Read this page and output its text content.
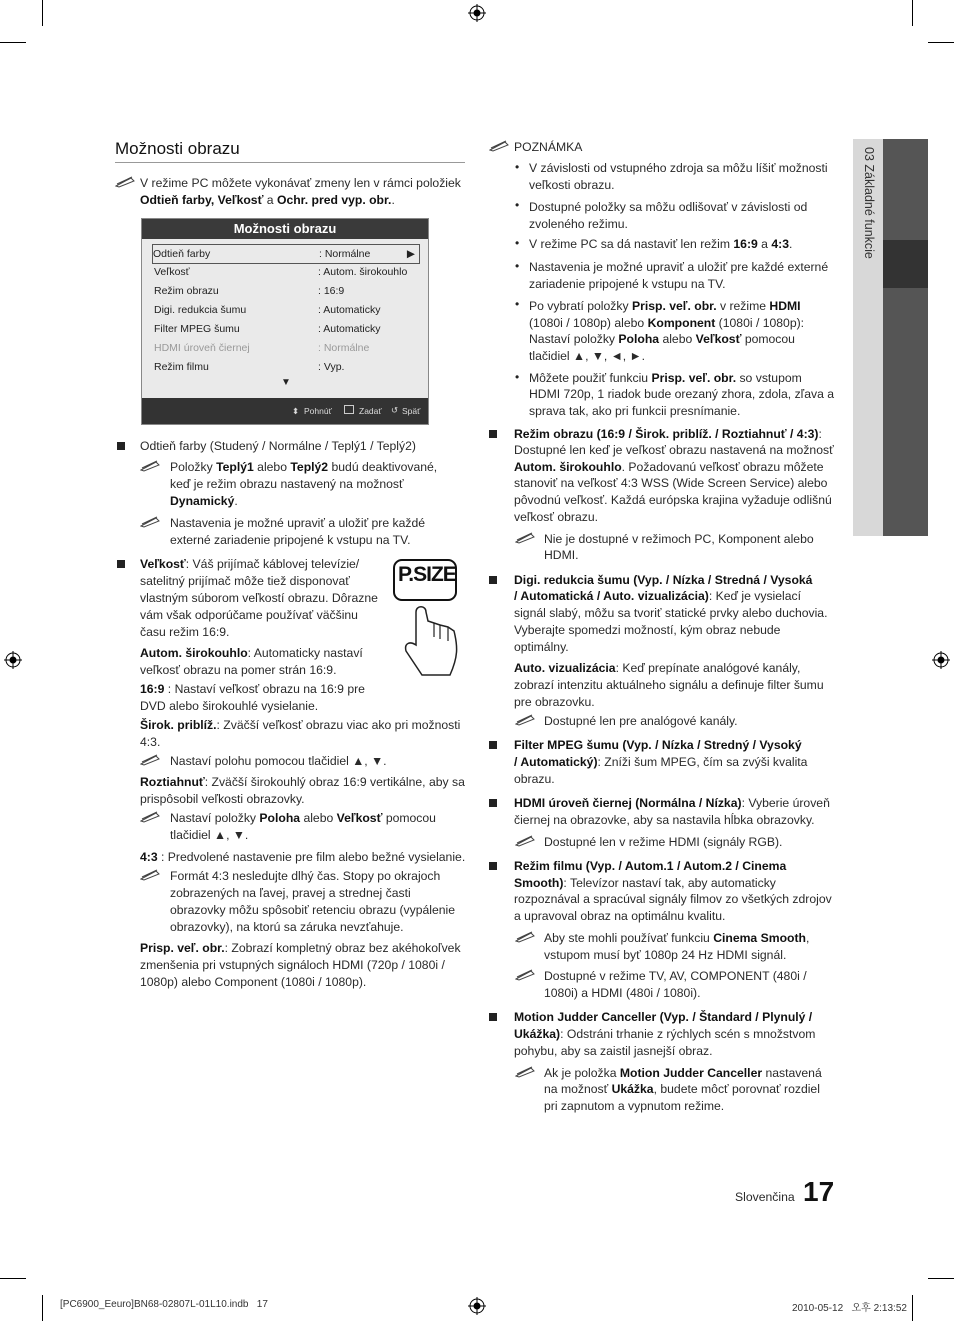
03 Základné funkcie
Možnosti obrazu
V režime PC môžete vykonávať zmeny len v rámci položiek
Odtieň farby, Veľkosť a Ochr. pred vyp. obr..
Možnosti obrazu
Odtieň farby	: Normálne	▶
Veľkosť	: Autom. širokouhlo
Režim obrazu	: 16:9
Digi. redukcia šumu	: Automaticky
Filter MPEG šumu	: Automaticky
HDMI úroveň čiernej	: Normálne
Režim filmu	: Vyp.
▼
⬍ Pohnúť	Zadať ↺ Späť
P.SIZE
Odtieň farby (Studený / Normálne / Teplý1 / Teplý2)
Položky Teplý1 alebo Teplý2 budú deaktivované,
keď je režim obrazu nastavený na možnosť
Dynamický.
Nastavenia je možné upraviť a uložiť pre každé
externé zariadenie pripojené k vstupu na TV.
Veľkosť: Váš prijímač káblovej televízie/
satelitný prijímač môže tiež disponovať
vlastným súborom veľkostí obrazu. Dôrazne
vám však odporúčame používať väčšinu
času režim 16:9.
Autom. širokouhlo: Automaticky nastaví
veľkosť obrazu na pomer strán 16:9.
16:9 : Nastaví veľkosť obrazu na 16:9 pre
DVD alebo širokouhlé vysielanie.
Širok. priblíž.: Zväčší veľkosť obrazu viac ako pri možnosti
4:3.
Nastaví polohu pomocou tlačidiel ▲, ▼.
Roztiahnuť: Zväčší širokouhlý obraz 16:9 vertikálne, aby sa
prispôsobil veľkosti obrazovky.
Nastaví položky Poloha alebo Veľkosť pomocou
tlačidiel ▲, ▼.
4:3 : Predvolené nastavenie pre film alebo bežné vysielanie.
Formát 4:3 nesledujte dlhý čas. Stopy po okrajoch
zobrazených na ľavej, pravej a strednej časti
obrazovky môžu spôsobiť retenciu obrazu (vypálenie
obrazovky), na ktorú sa záruka nevzťahuje.
Prisp. veľ. obr.: Zobrazí kompletný obraz bez akéhokoľvek
zmenšenia pri vstupných signáloch HDMI (720p / 1080i /
1080p) alebo Component (1080i / 1080p).
POZNÁMKA
• V závislosti od vstupného zdroja sa môžu líšiť možnosti
veľkosti obrazu.
• Dostupné položky sa môžu odlišovať v závislosti od
zvoleného režimu.
• V režime PC sa dá nastaviť len režim 16:9 a 4:3.
• Nastavenia je možné upraviť a uložiť pre každé externé
zariadenie pripojené k vstupu na TV.
• Po vybratí položky Prisp. veľ. obr. v režime HDMI
(1080i / 1080p) alebo Komponent (1080i / 1080p):
Nastaví položky Poloha alebo Veľkosť pomocou
tlačidiel ▲, ▼, ◄, ►.
• Môžete použiť funkciu Prisp. veľ. obr. so vstupom
HDMI 720p, 1 riadok bude orezaný zhora, zdola, zľava a
sprava tak, ako pri funkcii presnímanie.
Režim obrazu (16:9 / Širok. priblíž. / Roztiahnuť / 4:3):
Dostupné len keď je veľkosť obrazu nastavená na možnosť
Autom. širokouhlo. Požadovanú veľkosť obrazu môžete
stanoviť na veľkosť 4:3 WSS (Wide Screen Service) alebo
pôvodnú veľkosť. Každá európska krajina vyžaduje odlišnú
veľkosť obrazu.
Nie je dostupné v režimoch PC, Komponent alebo
HDMI.
Digi. redukcia šumu (Vyp. / Nízka / Stredná / Vysoká
/ Automatická / Auto. vizualizácia): Keď je vysielací
signál slabý, môžu sa tvoriť statické prvky alebo duchovia.
Vyberajte spomedzi možností, kým obraz nebude
optimálny.
Auto. vizualizácia: Keď prepínate analógové kanály,
zobrazí intenzitu aktuálneho signálu a definuje filter šumu
pre obrazovku.
Dostupné len pre analógové kanály.
Filter MPEG šumu (Vyp. / Nízka / Stredný / Vysoký
/ Automatický): Zníži šum MPEG, čím sa zvýši kvalita
obrazu.
HDMI úroveň čiernej (Normálna / Nízka): Vyberie úroveň
čiernej na obrazovke, aby sa nastavila hĺbka obrazovky.
Dostupné len v režime HDMI (signály RGB).
Režim filmu (Vyp. / Autom.1 / Autom.2 / Cinema
Smooth): Televízor nastaví tak, aby automaticky
rozpoznával a spracúval signály filmov zo všetkých zdrojov
a upravoval obraz na optimálnu kvalitu.
Aby ste mohli používať funkciu Cinema Smooth,
vstupom musí byť 1080p 24 Hz HDMI signál.
Dostupné v režime TV, AV, COMPONENT (480i /
1080i) a HDMI (480i / 1080i).
Motion Judder Canceller (Vyp. / Štandard / Plynulý /
Ukážka): Odstráni trhanie z rýchlych scén s množstvom
pohybu, aby sa zaistil jasnejší obraz.
Ak je položka Motion Judder Canceller nastavená
na možnosť Ukážka, budete môcť porovnať rozdiel
pri zapnutom a vypnutom režime.
Slovenčina 17
[PC6900_Eeuro]BN68-02807L-01L10.indb   17	2010-05-12   오후 2:13:52
